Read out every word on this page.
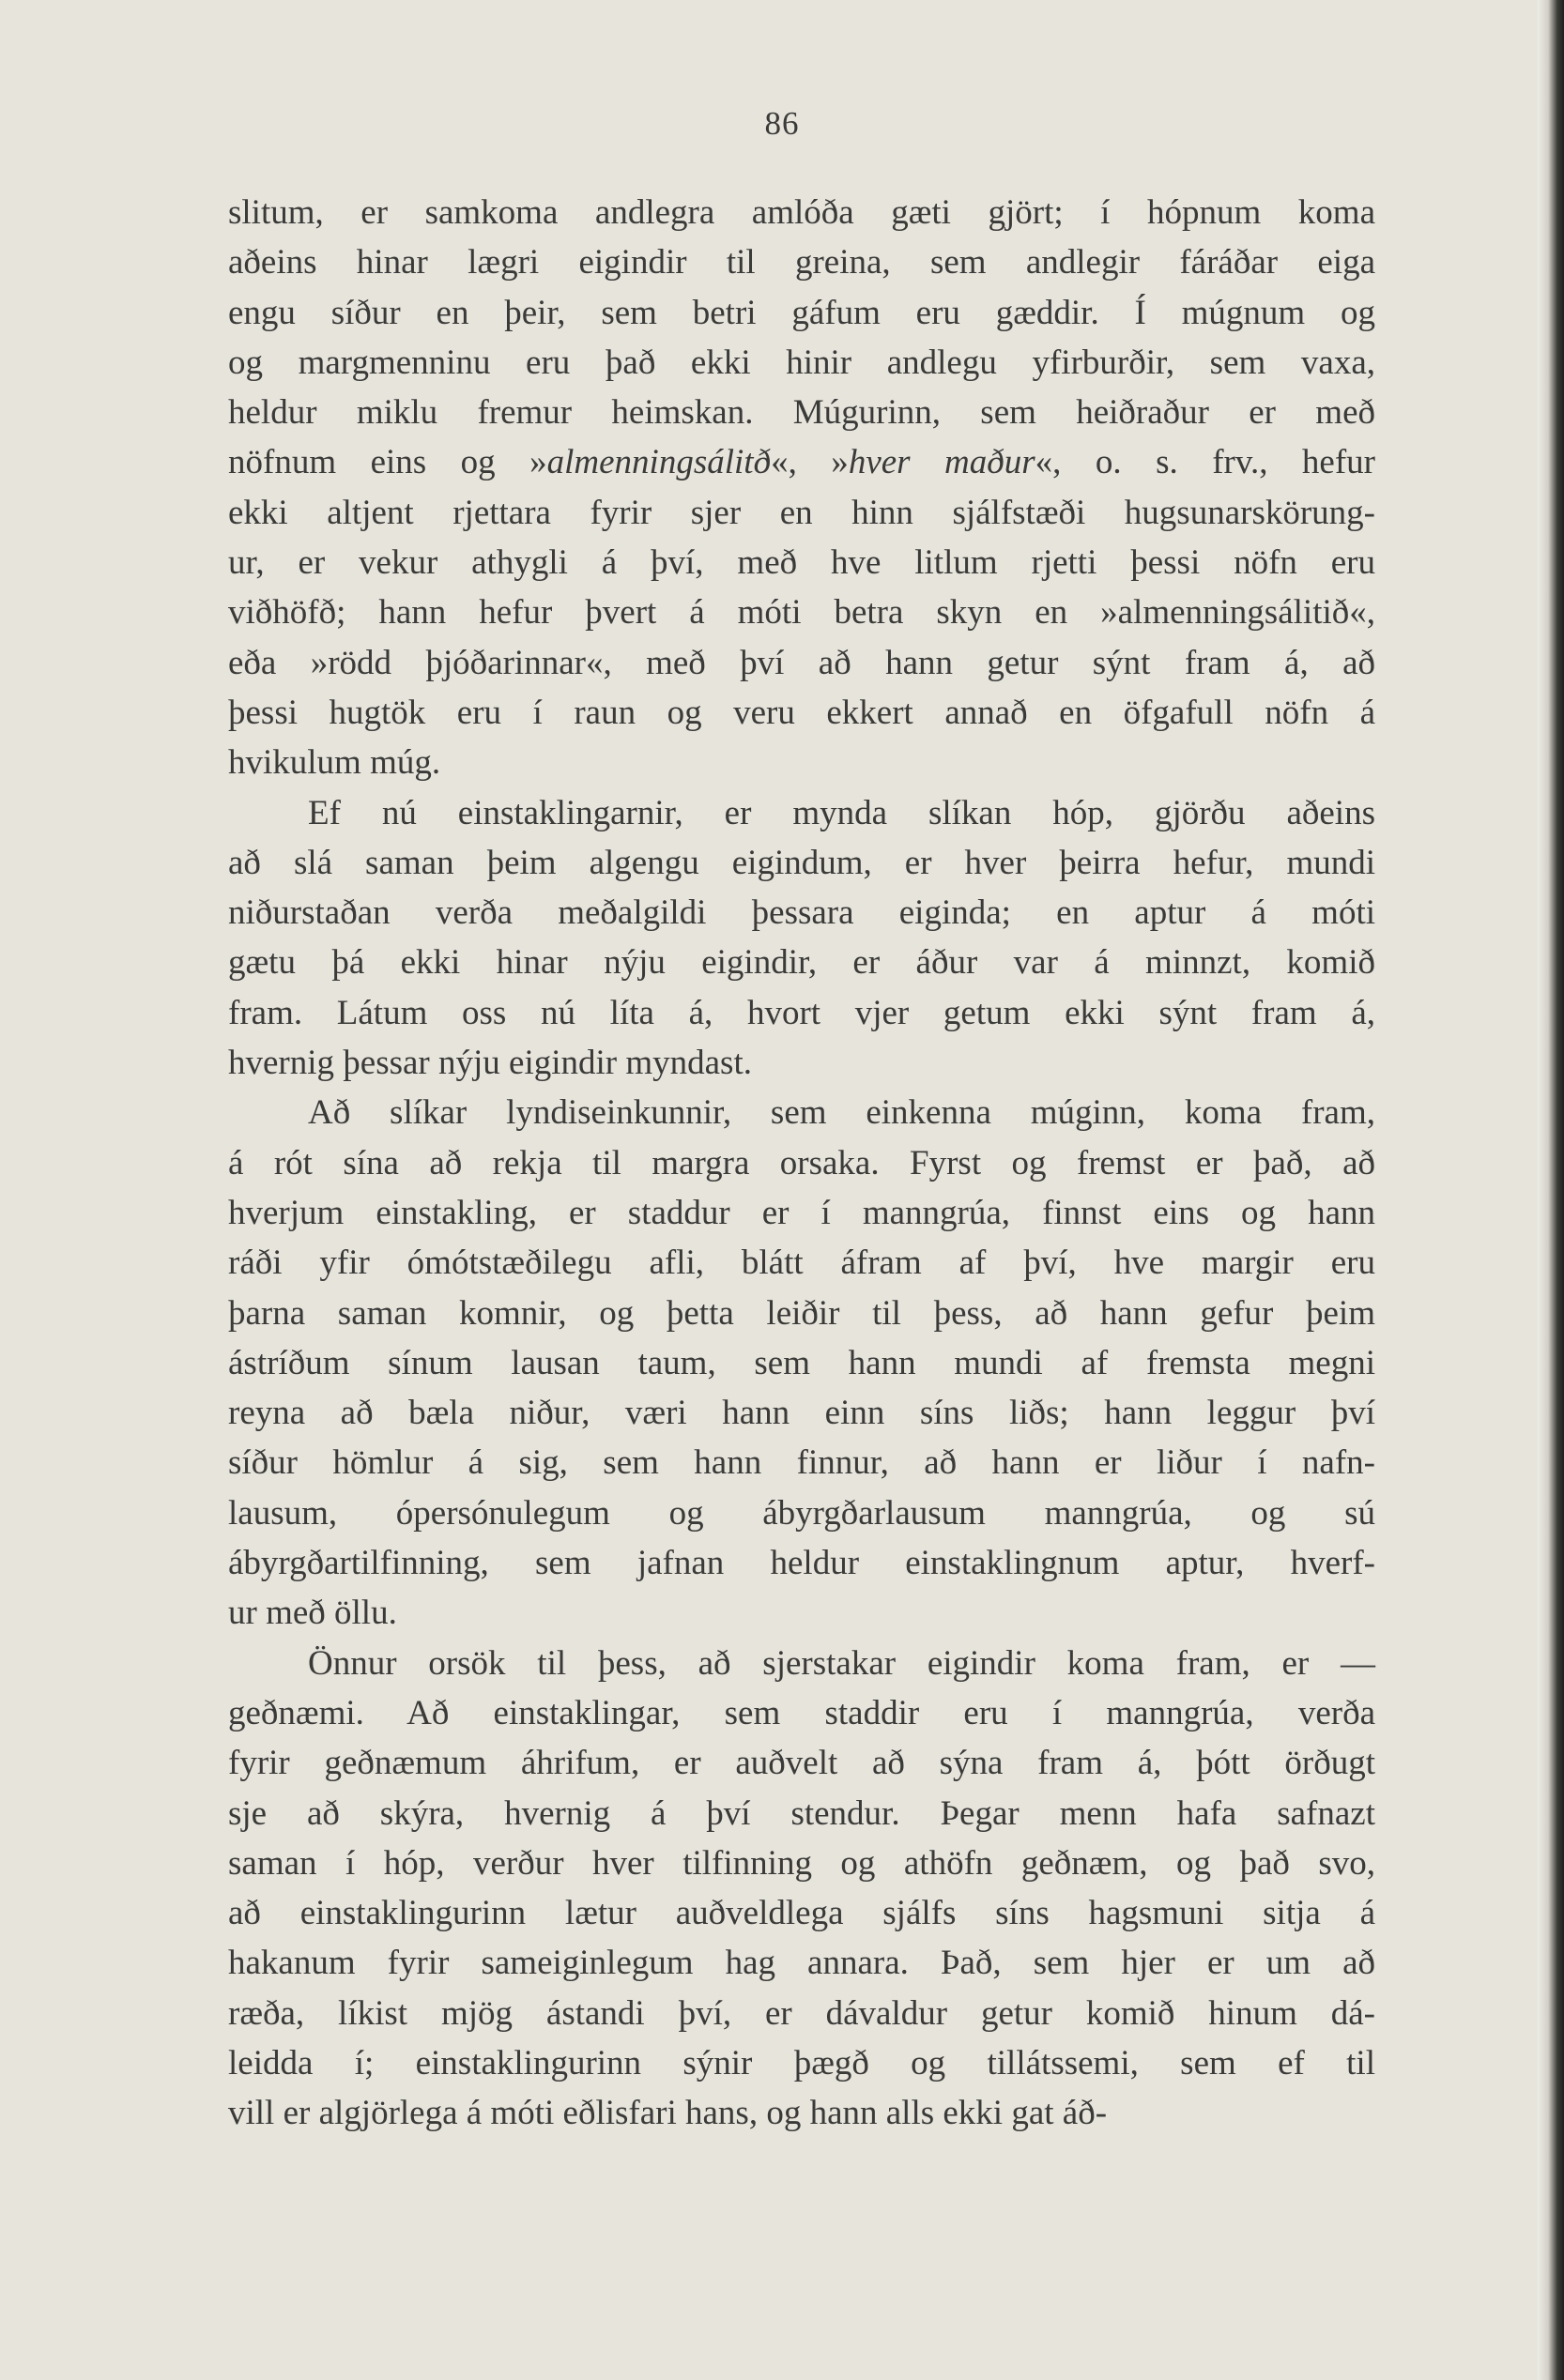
86
slitum, er samkoma andlegra amlóða gæti gjört; í hópnum koma
aðeins hinar lægri eigindir til greina, sem andlegir fáráðar eiga
engu síður en þeir, sem betri gáfum eru gæddir. Í múgnum og
og margmenninu eru það ekki hinir andlegu yfirburðir, sem vaxa,
heldur miklu fremur heimskan. Múgurinn, sem heiðraður er með
nöfnum eins og »almenningsálitð«, »hver maður«, o. s. frv., hefur
ekki altjent rjettara fyrir sjer en hinn sjálfstæði hugsunarskörung-
ur, er vekur athygli á því, með hve litlum rjetti þessi nöfn eru
viðhöfð; hann hefur þvert á móti betra skyn en »almenningsálitið«,
eða »rödd þjóðarinnar«, með því að hann getur sýnt fram á, að
þessi hugtök eru í raun og veru ekkert annað en öfgafull nöfn á
hvikulum múg.
Ef nú einstaklingarnir, er mynda slíkan hóp, gjörðu aðeins
að slá saman þeim algengu eigindum, er hver þeirra hefur, mundi
niðurstaðan verða meðalgildi þessara eiginda; en aptur á móti
gætu þá ekki hinar nýju eigindir, er áður var á minnzt, komið
fram. Látum oss nú líta á, hvort vjer getum ekki sýnt fram á,
hvernig þessar nýju eigindir myndast.
Að slíkar lyndiseinkunnir, sem einkenna múginn, koma fram,
á rót sína að rekja til margra orsaka. Fyrst og fremst er það, að
hverjum einstakling, er staddur er í manngrúa, finnst eins og hann
ráði yfir ómótstæðilegu afli, blátt áfram af því, hve margir eru
þarna saman komnir, og þetta leiðir til þess, að hann gefur þeim
ástríðum sínum lausan taum, sem hann mundi af fremsta megni
reyna að bæla niður, væri hann einn síns liðs; hann leggur því
síður hömlur á sig, sem hann finnur, að hann er liður í nafn-
lausum, ópersónulegum og ábyrgðarlausum manngrúa, og sú
ábyrgðartilfinning, sem jafnan heldur einstaklingnum aptur, hverf-
ur með öllu.
Önnur orsök til þess, að sjerstakar eigindir koma fram, er —
geðnæmi. Að einstaklingar, sem staddir eru í manngrúa, verða
fyrir geðnæmum áhrifum, er auðvelt að sýna fram á, þótt örðugt
sje að skýra, hvernig á því stendur. Þegar menn hafa safnazt
saman í hóp, verður hver tilfinning og athöfn geðnæm, og það svo,
að einstaklingurinn lætur auðveldlega sjálfs síns hagsmuni sitja á
hakanum fyrir sameiginlegum hag annara. Það, sem hjer er um að
ræða, líkist mjög ástandi því, er dávaldur getur komið hinum dá-
leidda í; einstaklingurinn sýnir þægð og tillátssemi, sem ef til
vill er algjörlega á móti eðlisfari hans, og hann alls ekki gat áð-
